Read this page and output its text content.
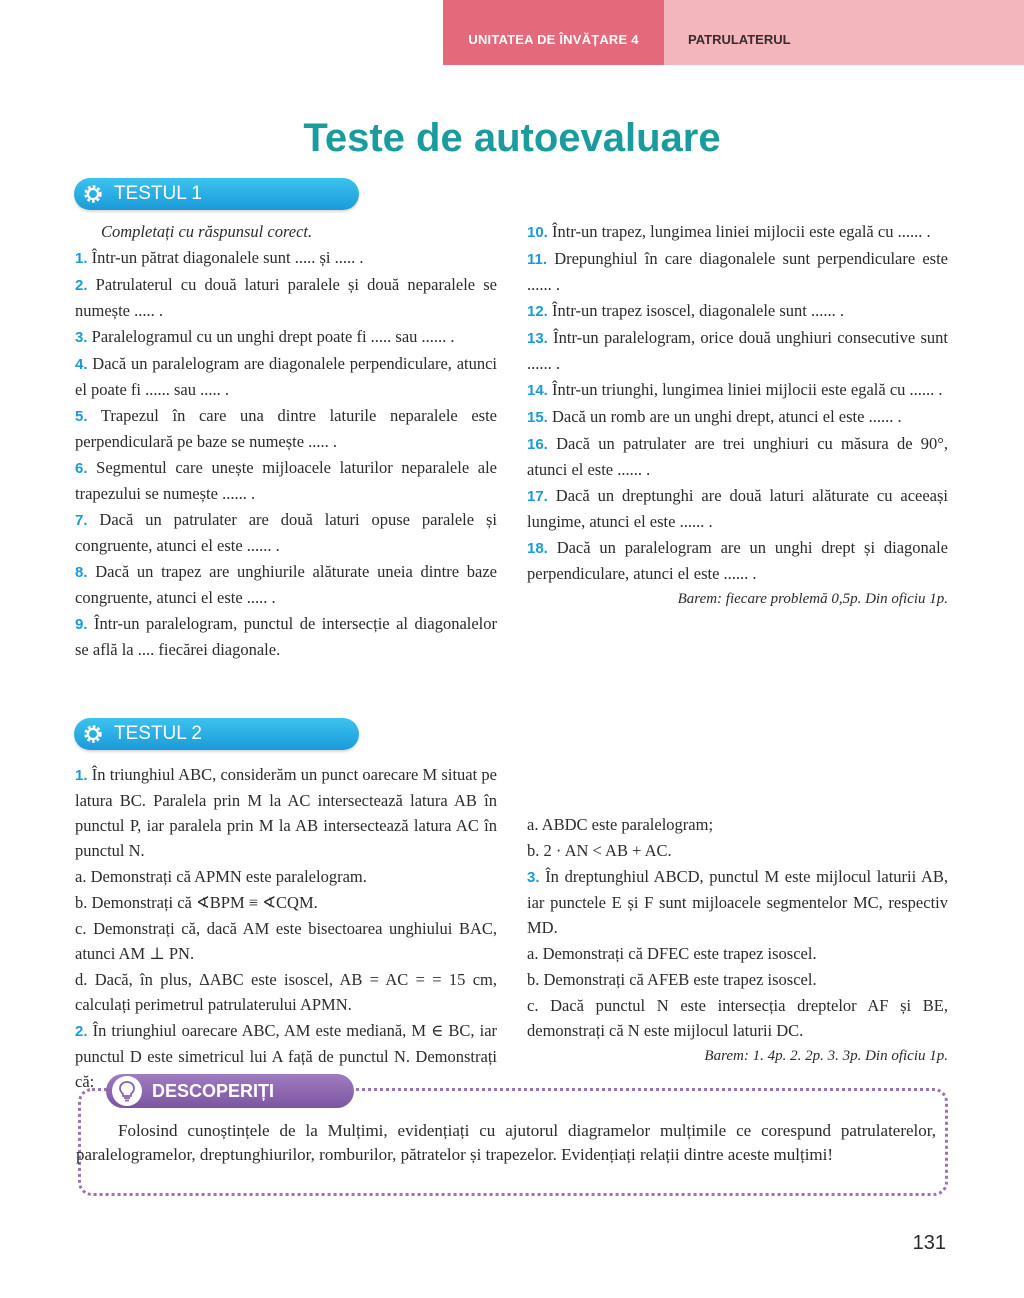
UNITATEA DE ÎNVĂȚARE 4	PATRULATERUL
Teste de autoevaluare
TESTUL 1

Completați cu răspunsul corect.

1. Într-un pătrat diagonalele sunt ..... și ..... .

2. Patrulaterul cu două laturi paralele și două neparalele se numește ..... .

3. Paralelogramul cu un unghi drept poate fi ..... sau ...... .

4. Dacă un paralelogram are diagonalele perpendiculare, atunci el poate fi ...... sau ..... .

5. Trapezul în care una dintre laturile neparalele este perpendiculară pe baze se numește ..... .

6. Segmentul care unește mijloacele laturilor neparalele ale trapezului se numește ...... .

7. Dacă un patrulater are două laturi opuse paralele și congruente, atunci el este ...... .

8. Dacă un trapez are unghiurile alăturate uneia dintre baze congruente, atunci el este ..... .

9. Într-un paralelogram, punctul de intersecție al diagonalelor se află la .... fiecărei diagonale.

10. Într-un trapez, lungimea liniei mijlocii este egală cu ...... .

11. Drepunghiul în care diagonalele sunt perpendiculare este ...... .

12. Într-un trapez isoscel, diagonalele sunt ...... .

13. Într-un paralelogram, orice două unghiuri consecutive sunt ...... .

14. Într-un triunghi, lungimea liniei mijlocii este egală cu ...... .

15. Dacă un romb are un unghi drept, atunci el este ...... .

16. Dacă un patrulater are trei unghiuri cu măsura de 90°, atunci el este ...... .

17. Dacă un dreptunghi are două laturi alăturate cu aceeași lungime, atunci el este ...... .

18. Dacă un paralelogram are un unghi drept și diagonale perpendiculare, atunci el este ...... .

Barem: fiecare problemă 0,5p. Din oficiu 1p.

TESTUL 2

1. În triunghiul ABC, considerăm un punct oarecare M situat pe latura BC. Paralela prin M la AC intersectează latura AB în punctul P, iar paralela prin M la AB intersectează latura AC în punctul N.

a. Demonstrați că APMN este paralelogram.

b. Demonstrați că ∢BPM ≡ ∢CQM.

c. Demonstrați că, dacă AM este bisectoarea unghiului BAC, atunci AM ⊥ PN.

d. Dacă, în plus, ΔABC este isoscel, AB = AC = = 15 cm, calculați perimetrul patrulaterului APMN.

2. În triunghiul oarecare ABC, AM este mediană, M ∈ BC, iar punctul D este simetricul lui A față de punctul N. Demonstrați că:

a. ABDC este paralelogram;

b. 2 · AN < AB + AC.

3. În dreptunghiul ABCD, punctul M este mijlocul laturii AB, iar punctele E și F sunt mijloacele segmentelor MC, respectiv MD.

a. Demonstrați că DFEC este trapez isoscel.

b. Demonstrați că AFEB este trapez isoscel.

c. Dacă punctul N este intersecția dreptelor AF și BE, demonstrați că N este mijlocul laturii DC.

Barem: 1. 4p. 2. 2p. 3. 3p. Din oficiu 1p.

DESCOPERIȚI

Folosind cunoștințele de la Mulțimi, evidențiați cu ajutorul diagramelor mulțimile ce corespund patrulaterelor, paralelogramelor, dreptunghiurilor, romburilor, pătratelor și trapezelor. Evidențiați relații dintre aceste mulțimi!

131
